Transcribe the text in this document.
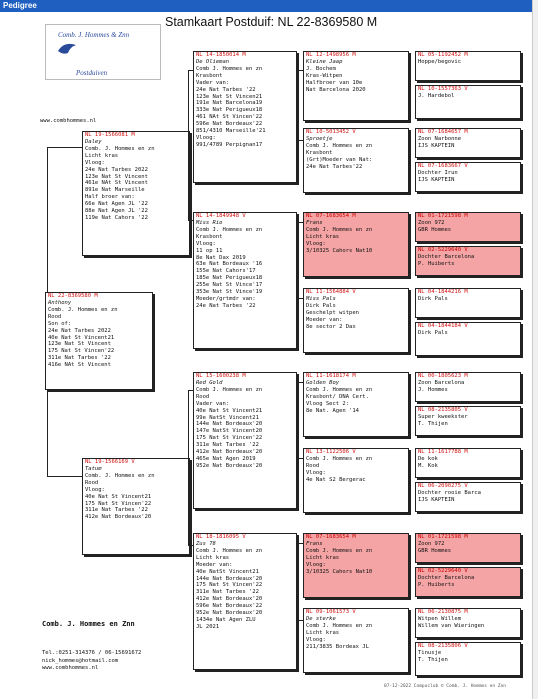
Pedigree
Stamkaart Postduif: NL 22-8369580 M
Comb. J. Hommes & Znn
Postduiven
www.combhommes.nl
NL 22-8369580 M
Anthony
Comb. J. Hommes en zn
Rood
Son of:
24e Nat Tarbes 2022
40e Nat St Vincent21
123e Nat St Vincent
175 Nat St Vincen'22
311e Nat Tarbes '22
416e NAt St Vincent
NL 19-1566081 M
Daley
Comb. J. Hommes en zn
Licht kras
Vloog:
24e Nat Tarbes 2022
123e Nat St Vincent
461e NAt St Vincent
891e Nat Marseille
Half broer van:
66e Nat Agen JL '22
88e Nat Agen JL '22
119e Nat Cahors '22
NL 19-1566169 V
Tatum
Comb. J. Hommes en zn
Rood
Vloog:
40e Nat St Vincent21
175 Nat St Vincen'22
311e Nat Tarbes '22
412e Nat Bordeaux'20
NL 14-1850014 M
De Olieman
Comb J. Hommes en zn
Krasbont
Vader van:
24e Nat Tarbes '22
123e Nat St Vincen21
191e Nat Barcelona19
333e Nat Perigueux18
461 NAt St Vincen'22
596e Nat Bordeaux'22
851/4310 Marseille'21
Vloog:
991/4789 Perpignan17
NL 14-1849948 V
Miss Rio
Comb J. Hommes en zn
Krasbont
Vloog:
11 op 11
8e Nat Dax 2019
63e Nat Bordeaux '16
155e Nat Cahors'17
185e Nat Perigueux18
255e Nat St Vince'17
353e Nat St Vince'19
Moeder/grtmdr van:
24e Nat Tarbes '22
NL 15-1600238 M
Red Gold
Comb J. Hommes en zn
Rood
Vader van:
40e Nat St Vincent21
99e NatSt Vincent21
144e Nat Bordeaux'20
147e NatSt Vincent20
175 Nat St Vincen'22
311e Nat Tarbes '22
412e Nat Bordeaux'20
465e Nat Agen 2019
952e Nat Bordeaux'20
NL 18-1816095 V
Zus 78
Comb J. Hommes en zn
Licht kras
Moeder van:
40e NatSt Vincent21
144e Nat Bordeaux'20
175 Nat St Vincen'22
311e Nat Tarbes '22
412e Nat Bordeaux'20
596e Nat Bordeaux'22
952e Nat Bordeaux'20
1434e Nat Agen ZLU
JL 2021
NL 12-1498956 M
Kleine Jaap
J. Bochem
Kras-Witpen
Halfbroer van 10e
Nat Barcelona 2020
NL 10-5013452 V
Sproetje
Comb J. Hommes en zn
Krasbont
(Grt)Moeder van Nat:
24e Nat Tarbes'22
NL 07-1683654 M
Frans
Comb J. Hommes en zn
Licht kras
Vloog:
3/10325 Cahors Nat10
NL 11-1564884 V
Miss Pals
Dirk Pals
Geschelpt witpen
Moeder van:
8e sector 2 Dax
NL 11-1618174 M
Golden Boy
Comb J. Hommes en zn
Krasbont/ DNA Cert.
Vloog Sect 2:
8e Nat. Agen '14
NL 13-1122506 V
Comb J. Hommes en zn
Rood
Vloog:
4e Nat S2 Bergerac
NL 07-1683654 M
Frans
Comb J. Hommes en zn
Licht kras
Vloog:
3/10325 Cahors Nat10
NL 09-1061573 V
De sterke
Comb J. Hommes en zn
Licht kras
Vloog:
211/3835 Bordeax JL
NL 05-1192452 M
Hoppe/begovic
NL 10-1557363 V
J. Hardebol
NL 07-1684657 M
Zoon Narbonne
IJS KAPTEIN
NL 07-1683667 V
Dochter Irun
IJS KAPTEIN
NL 01-1721598 M
Zoon 972
GBR Hommes
NL 02-5229640 V
Dochter Barcelona
P. Huiberts
NL 04-1844216 M
Dirk Pals
NL 04-1844184 V
Dirk Pals
NL 00-1805623 M
Zoon Barcelona
J. Hommes
NL 08-2135805 V
Super kweekster
T. Thijen
NL 11-1617788 M
De kok
M. Kok
NL 06-2090275 V
Dochter rooie Barca
IJS KAPTEIN
NL 01-1721598 M
Zoon 972
GBR Hommes
NL 02-5229640 V
Dochter Barcelona
P. Huiberts
NL 06-2130875 M
Witpen Willem
Willem van Wieringen
NL 08-2135806 V
Tinusje
T. Thijen
Comb. J. Hommes en Znn
Tel.:0251-314376 / 06-15691672
nick_hommes@hotmail.com
www.combhommes.nl
07-12-2022 Compuclub © Comb. J. Hommes en Znn
